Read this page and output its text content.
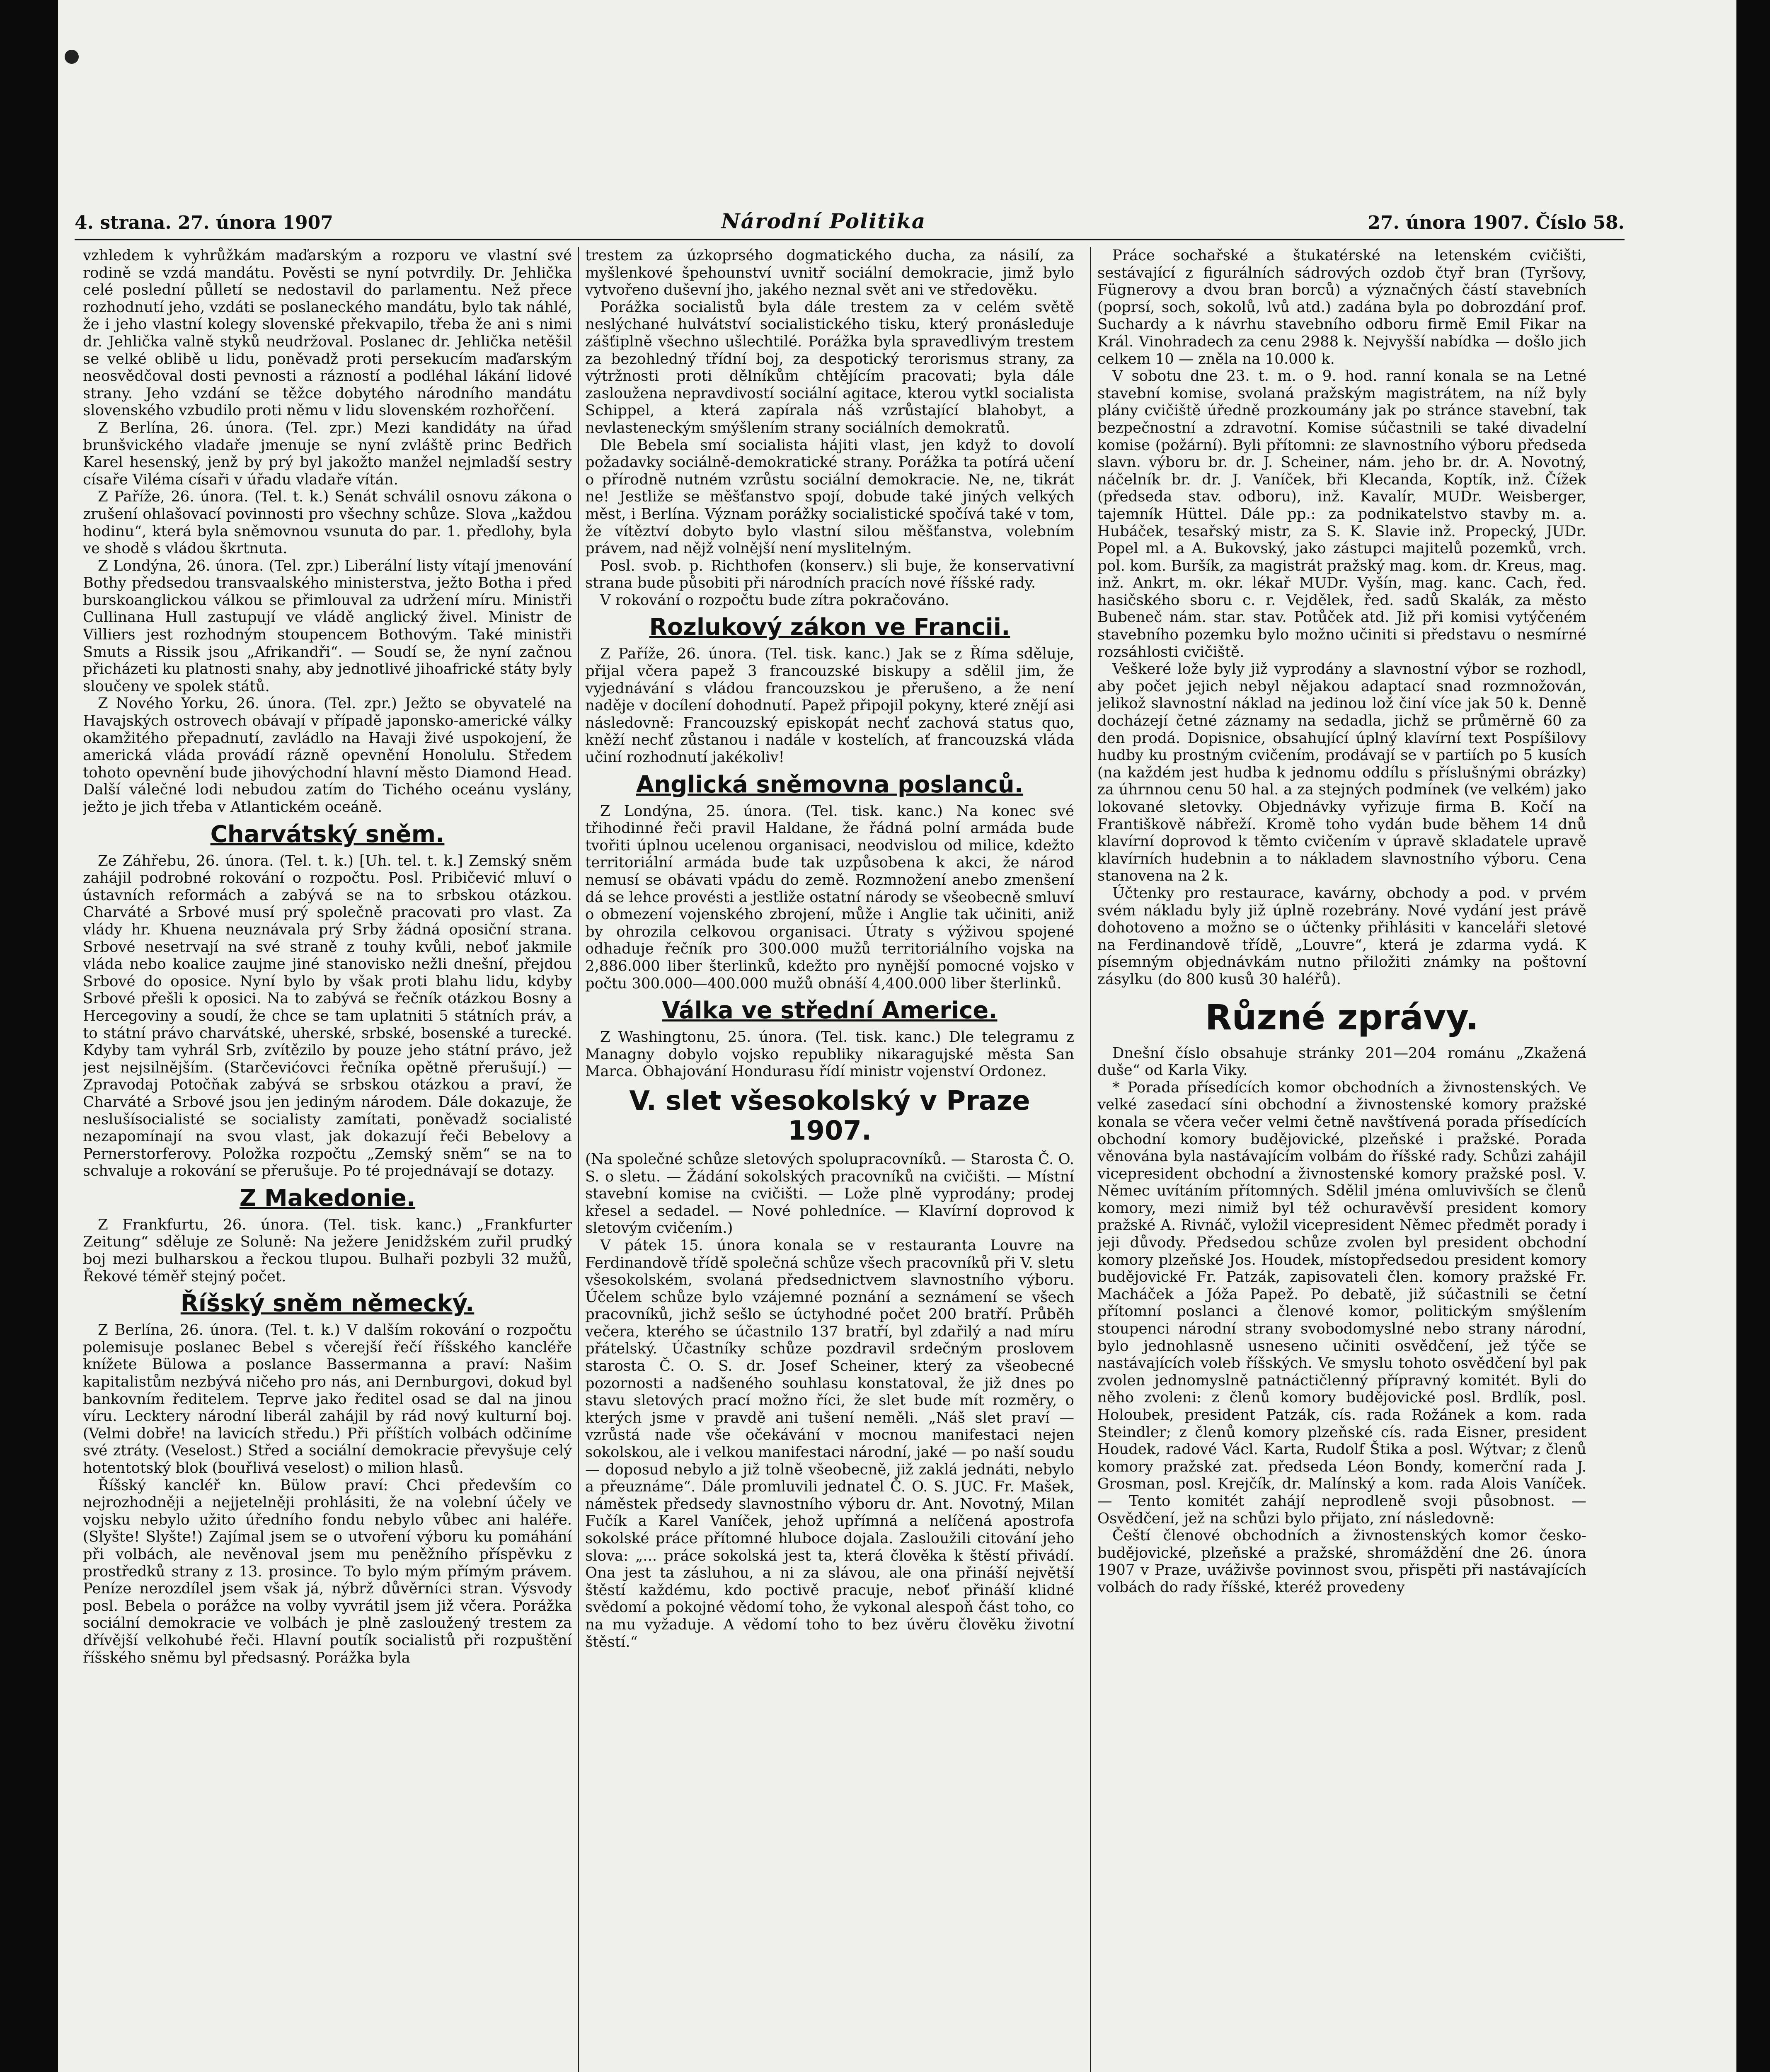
4. strana. 27. února 1907	Národní Politika	27. února 1907. Číslo 58.

vzhledem k vyhrůžkám maďarským a rozporu ve vlastní své rodině se vzdá mandátu. Pověsti se nyní potvrdily. Dr. Jehlička celé poslední půlletí se nedostavil do parlamentu. Než přece rozhodnutí jeho, vzdáti se poslaneckého mandátu, bylo tak náhlé, že i jeho vlastní kolegy slovenské překvapilo, třeba že ani s nimi dr. Jehlička valně styků neudržoval. Poslanec dr. Jehlička netěšil se velké oblibě u lidu, poněvadž proti persekucím maďarským neosvědčoval dosti pevnosti a rázností a podléhal lákání lidové strany. Jeho vzdání se těžce dobytého národního mandátu slovenského vzbudilo proti němu v lidu slovenském rozhořčení.

Z Berlína, 26. února. (Tel. zpr.) Mezi kandidáty na úřad brunšvického vladaře jmenuje se nyní zvláště princ Bedřich Karel hesenský, jenž by prý byl jakožto manžel nejmladší sestry císaře Viléma císaři v úřadu vladaře vítán.

Z Paříže, 26. února. (Tel. t. k.) Senát schválil osnovu zákona o zrušení ohlašovací povinnosti pro všechny schůze. Slova „každou hodinu“, která byla sněmovnou vsunuta do par. 1. předlohy, byla ve shodě s vládou škrtnuta.

Z Londýna, 26. února. (Tel. zpr.) Liberální listy vítají jmenování Bothy předsedou transvaalského ministerstva, ježto Botha i před burskoanglickou válkou se přimlouval za udržení míru. Ministři Cullinana Hull zastupují ve vládě anglický živel. Ministr de Villiers jest rozhodným stoupencem Bothovým. Také ministři Smuts a Rissik jsou „Afrikandři“. — Soudí se, že nyní začnou přicházeti ku platnosti snahy, aby jednotlivé jihoafrické státy byly sloučeny ve spolek států.

Z Nového Yorku, 26. února. (Tel. zpr.) Ježto se obyvatelé na Havajských ostrovech obávají v případě japonsko-americké války okamžitého přepadnutí, zavládlo na Havaji živé uspokojení, že americká vláda provádí rázně opevnění Honolulu. Středem tohoto opevnění bude jihovýchodní hlavní město Diamond Head. Další válečné lodi nebudou zatím do Tichého oceánu vyslány, ježto je jich třeba v Atlantickém oceáně.

Charvátský sněm.

Ze Záhřebu, 26. února. (Tel. t. k.) [Uh. tel. t. k.] Zemský sněm zahájil podrobné rokování o rozpočtu. Posl. Pribičević mluví o ústavních reformách a zabývá se na to srbskou otázkou. Charváté a Srbové musí prý společně pracovati pro vlast. Za vlády hr. Khuena neuznávala prý Srby žádná oposiční strana. Srbové nesetrvají na své straně z touhy kvůli, neboť jakmile vláda nebo koalice zaujme jiné stanovisko nežli dnešní, přejdou Srbové do oposice. Nyní bylo by však proti blahu lidu, kdyby Srbové přešli k oposici. Na to zabývá se řečník otázkou Bosny a Hercegoviny a soudí, že chce se tam uplatniti 5 státních práv, a to státní právo charvátské, uherské, srbské, bosenské a turecké. Kdyby tam vyhrál Srb, zvítězilo by pouze jeho státní právo, jež jest nejsilnějším. (Starčevićovci řečníka opětně přerušují.) — Zpravodaj Potočňak zabývá se srbskou otázkou a praví, že Charváté a Srbové jsou jen jediným národem. Dále dokazuje, že neslušísocialisté se socialisty zamítati, poněvadž socialisté nezapomínají na svou vlast, jak dokazují řeči Bebelovy a Pernerstorferovy. Položka rozpočtu „Zemský sněm“ se na to schvaluje a rokování se přerušuje. Po té projednávají se dotazy.

Z Makedonie.

Z Frankfurtu, 26. února. (Tel. tisk. kanc.) „Frankfurter Zeitung“ sděluje ze Soluně: Na ježere Jenidžském zuřil prudký boj mezi bulharskou a řeckou tlupou. Bulhaři pozbyli 32 mužů, Řekové téměř stejný počet.

Říšský sněm německý.

Z Berlína, 26. února. (Tel. t. k.) V dalším rokování o rozpočtu polemisuje poslanec Bebel s včerejší řečí říšského kancléře knížete Bülowa a poslance Bassermanna a praví: Našim kapitalistům nezbývá ničeho pro nás, ani Dernburgovi, dokud byl bankovním ředitelem. Teprve jako ředitel osad se dal na jinou víru. Lecktery národní liberál zahájil by rád nový kulturní boj. (Velmi dobře! na lavicích středu.) Při příštích volbách odčiníme své ztráty. (Veselost.) Střed a sociální demokracie převyšuje celý hotentotský blok (bouřlivá veselost) o milion hlasů.

Říšský kancléř kn. Bülow praví: Chci především co nejrozhodněji a nejjetelněji prohlásiti, že na volební účely ve vojsku nebylo užito úředního fondu nebylo vůbec ani haléře. (Slyšte! Slyšte!) Zajímal jsem se o utvoření výboru ku pomáhání při volbách, ale nevěnoval jsem mu peněžního příspěvku z prostředků strany z 13. prosince. To bylo mým přímým právem. Peníze nerozdílel jsem však já, nýbrž důvěrníci stran. Výsvody posl. Bebela o porážce na volby vyvrátil jsem již včera. Porážka sociální demokracie ve volbách je plně zasloužený trestem za dřívější velkohubé řeči. Hlavní poutík socialistů při rozpuštění říšského sněmu byl předsasný. Porážka byla

trestem za úzkoprsého dogmatického ducha, za násilí, za myšlenkové špehounství uvnitř sociální demokracie, jimž bylo vytvořeno duševní jho, jakého neznal svět ani ve středověku.

Porážka socialistů byla dále trestem za v celém světě neslýchané hulvátství socialistického tisku, který pronásleduje zášťiplně všechno ušlechtilé. Porážka byla spravedlivým trestem za bezohledný třídní boj, za despotický terorismus strany, za výtržnosti proti dělníkům chtějícím pracovati; byla dále zasloužena nepravdivostí sociální agitace, kterou vytkl socialista Schippel, a která zapírala náš vzrůstající blahobyt, a nevlasteneckým smýšlením strany sociálních demokratů.

Dle Bebela smí socialista hájiti vlast, jen když to dovolí požadavky sociálně-demokratické strany. Porážka ta potírá učení o přírodně nutném vzrůstu sociální demokracie. Ne, ne, tikrát ne! Jestliže se měšťanstvo spojí, dobude také jiných velkých měst, i Berlína. Význam porážky socialistické spočívá také v tom, že vítěztví dobyto bylo vlastní silou měšťanstva, volebním právem, nad nějž volnější není myslitelným.

Posl. svob. p. Richthofen (konserv.) sli buje, že konservativní strana bude působiti při národních pracích nové říšské rady.

V rokování o rozpočtu bude zítra pokračováno.

Rozlukový zákon ve Francii.

Z Paříže, 26. února. (Tel. tisk. kanc.) Jak se z Říma sděluje, přijal včera papež 3 francouzské biskupy a sdělil jim, že vyjednávání s vládou francouzskou je přerušeno, a že není naděje v docílení dohodnutí. Papež připojil pokyny, které znějí asi následovně: Francouzský episkopát nechť zachová status quo, kněží nechť zůstanou i nadále v kostelích, ať francouzská vláda učiní rozhodnutí jakékoliv!

Anglická sněmovna poslanců.

Z Londýna, 25. února. (Tel. tisk. kanc.) Na konec své třihodinné řeči pravil Haldane, že řádná polní armáda bude tvořiti úplnou ucelenou organisaci, neodvislou od milice, kdežto territoriální armáda bude tak uzpůsobena k akci, že národ nemusí se obávati vpádu do země. Rozmnožení anebo zmenšení dá se lehce provésti a jestliže ostatní národy se všeobecně smluví o obmezení vojenského zbrojení, může i Anglie tak učiniti, aniž by ohrozila celkovou organisaci. Útraty s výživou spojené odhaduje řečník pro 300.000 mužů territoriálního vojska na 2,886.000 liber šterlinků, kdežto pro nynější pomocné vojsko v počtu 300.000—400.000 mužů obnáší 4,400.000 liber šterlinků.

Válka ve střední Americe.

Z Washingtonu, 25. února. (Tel. tisk. kanc.) Dle telegramu z Managny dobylo vojsko republiky nikaragujské města San Marca. Obhajování Hondurasu řídí ministr vojenství Ordonez.

V. slet všesokolský v Praze 1907.

(Na společné schůze sletových spolupracovníků. — Starosta Č. O. S. o sletu. — Žádání sokolských pracovníků na cvičišti. — Místní stavební komise na cvičišti. — Lože plně vyprodány; prodej křesel a sedadel. — Nové pohledníce. — Klavírní doprovod k sletovým cvičením.)

V pátek 15. února konala se v restauranta Louvre na Ferdinandově třídě společná schůze všech pracovníků při V. sletu všesokolském, svolaná předsednictvem slavnostního výboru. Účelem schůze bylo vzájemné poznání a seznámení se všech pracovníků, jichž sešlo se úctyhodné počet 200 bratří. Průběh večera, kterého se účastnilo 137 bratří, byl zdařilý a nad míru přátelský. Účastníky schůze pozdravil srdečným proslovem starosta Č. O. S. dr. Josef Scheiner, který za všeobecné pozornosti a nadšeného souhlasu konstatoval, že již dnes po stavu sletových prací možno říci, že slet bude mít rozměry, o kterých jsme v pravdě ani tušení neměli. „Náš slet praví — vzrůstá nade vše očekávání v mocnou manifestaci nejen sokolskou, ale i velkou manifestaci národní, jaké — po naší soudu — doposud nebylo a již tolně všeobecně, již zaklá jednáti, nebylo a přeuznáme“. Dále promluvili jednatel Č. O. S. JUC. Fr. Mašek, náměstek předsedy slavnostního výboru dr. Ant. Novotný, Milan Fučík a Karel Vaníček, jehož upřímná a nelíčená apostrofa sokolské práce přítomné hluboce dojala. Zasloužili citování jeho slova: „... práce sokolská jest ta, která člověka k štěstí přivádí. Ona jest ta zásluhou, a ni za slávou, ale ona přináší největší štěstí každému, kdo poctivě pracuje, neboť přináší klidné svědomí a pokojné vědomí toho, že vykonal alespoň část toho, co na mu vyžaduje. A vědomí toho to bez úvěru člověku životní štěstí.“

Práce sochařské a štukatérské na letenském cvičišti, sestávající z figurálních sádrových ozdob čtyř bran (Tyršovy, Fügnerovy a dvou bran borců) a význačných částí stavebních (poprsí, soch, sokolů, lvů atd.) zadána byla po dobrozdání prof. Suchardy a k návrhu stavebního odboru firmě Emil Fikar na Král. Vinohradech za cenu 2988 k. Nejvyšší nabídka — došlo jich celkem 10 — zněla na 10.000 k.

V sobotu dne 23. t. m. o 9. hod. ranní konala se na Letné stavební komise, svolaná pražským magistrátem, na níž byly plány cvičiště úředně prozkoumány jak po stránce stavební, tak bezpečnostní a zdravotní. Komise súčastnili se také divadelní komise (požární). Byli přítomni: ze slavnostního výboru předseda slavn. výboru br. dr. J. Scheiner, nám. jeho br. dr. A. Novotný, náčelník br. dr. J. Vaníček, bři Klecanda, Koptík, inž. Čížek (předseda stav. odboru), inž. Kavalír, MUDr. Weisberger, tajemník Hüttel. Dále pp.: za podnikatelstvo stavby m. a. Hubáček, tesařský mistr, za S. K. Slavie inž. Propecký, JUDr. Popel ml. a A. Bukovský, jako zástupci majitelů pozemků, vrch. pol. kom. Buršík, za magistrát pražský mag. kom. dr. Kreus, mag. inž. Ankrt, m. okr. lékař MUDr. Vyšín, mag. kanc. Cach, řed. hasičského sboru c. r. Vejdělek, řed. sadů Skalák, za město Bubeneč nám. star. stav. Potůček atd. Již při komisi vytýčeném stavebního pozemku bylo možno učiniti si představu o nesmírné rozsáhlosti cvičiště.

Veškeré lože byly již vyprodány a slavnostní výbor se rozhodl, aby počet jejich nebyl nějakou adaptací snad rozmnožován, jelikož slavnostní náklad na jedinou lož činí více jak 50 k. Denně docházejí četné záznamy na sedadla, jichž se průměrně 60 za den prodá. Dopisnice, obsahující úplný klavírní text Pospíšilovy hudby ku prostným cvičením, prodávají se v partiích po 5 kusích (na každém jest hudba k jednomu oddílu s příslušnými obrázky) za úhrnnou cenu 50 hal. a za stejných podmínek (ve velkém) jako lokované sletovky. Objednávky vyřizuje firma B. Kočí na Františkově nábřeží. Kromě toho vydán bude během 14 dnů klavírní doprovod k těmto cvičením v úpravě skladatele upravě klavírních hudebnin a to nákladem slavnostního výboru. Cena stanovena na 2 k.

Účtenky pro restaurace, kavárny, obchody a pod. v prvém svém nákladu byly již úplně rozebrány. Nové vydání jest právě dohotoveno a možno se o účtenky přihlásiti v kanceláři sletové na Ferdinandově třídě, „Louvre“, která je zdarma vydá. K písemným objednávkám nutno přiložiti známky na poštovní zásylku (do 800 kusů 30 haléřů).

Různé zprávy.

Dnešní číslo obsahuje stránky 201—204 románu „Zkažená duše“ od Karla Viky.

* Porada přísedících komor obchodních a živnostenských. Ve velké zasedací síni obchodní a živnostenské komory pražské konala se včera večer velmi četně navštívená porada přísedících obchodní komory budějovické, plzeňské i pražské. Porada věnována byla nastávajícím volbám do říšské rady. Schůzi zahájil vicepresident obchodní a živnostenské komory pražské posl. V. Němec uvítáním přítomných. Sdělil jména omluvivších se členů komory, mezi nimiž byl též ochuravěvší president komory pražské A. Rivnáč, vyložil vicepresident Němec předmět porady i jeji důvody. Předsedou schůze zvolen byl president obchodní komory plzeňské Jos. Houdek, místopředsedou president komory budějovické Fr. Patzák, zapisovateli člen. komory pražské Fr. Macháček a Jóža Papež. Po debatě, již súčastnili se četní přítomní poslanci a členové komor, politickým smýšlením stoupenci národní strany svobodomyslné nebo strany národní, bylo jednohlasně usneseno učiniti osvědčení, jež týče se nastávajících voleb říšských. Ve smyslu tohoto osvědčení byl pak zvolen jednomyslně patnáctičlenný přípravný komitét. Byli do něho zvoleni: z členů komory budějovické posl. Brdlík, posl. Holoubek, president Patzák, cís. rada Rožánek a kom. rada Steindler; z členů komory plzeňské cís. rada Eisner, president Houdek, radové Václ. Karta, Rudolf Štika a posl. Wýtvar; z členů komory pražské zat. předseda Léon Bondy, komerční rada J. Grosman, posl. Krejčík, dr. Malínský a kom. rada Alois Vaníček. — Tento komitét zahájí neprodleně svoji působnost. — Osvědčení, jež na schůzi bylo přijato, zní následovně:

Čeští členové obchodních a živnostenských komor česko-budějovické, plzeňské a pražské, shromáždění dne 26. února 1907 v Praze, uváživše povinnost svou, přispěti při nastávajících volbách do rady říšské, kteréž provedeny
